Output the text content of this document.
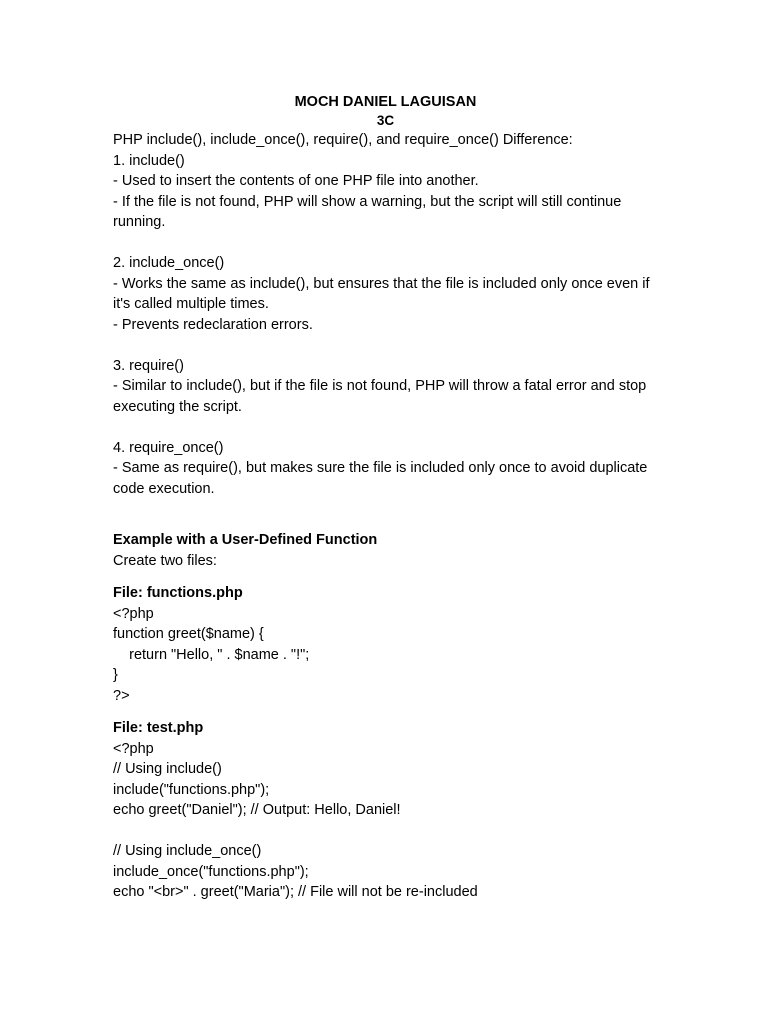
MOCH DANIEL LAGUISAN
3C
PHP include(), include_once(), require(), and require_once() Difference:
1. include()
- Used to insert the contents of one PHP file into another.
- If the file is not found, PHP will show a warning, but the script will still continue running.
2. include_once()
- Works the same as include(), but ensures that the file is included only once even if it's called multiple times.
- Prevents redeclaration errors.
3. require()
- Similar to include(), but if the file is not found, PHP will throw a fatal error and stop executing the script.
4. require_once()
- Same as require(), but makes sure the file is included only once to avoid duplicate code execution.
Example with a User-Defined Function
Create two files:
File: functions.php
<?php
function greet($name) {
return "Hello, " . $name . "!";
}
?>
File: test.php
<?php
// Using include()
include("functions.php");
echo greet("Daniel"); // Output: Hello, Daniel!
// Using include_once()
include_once("functions.php");
echo "<br>" . greet("Maria"); // File will not be re-included
